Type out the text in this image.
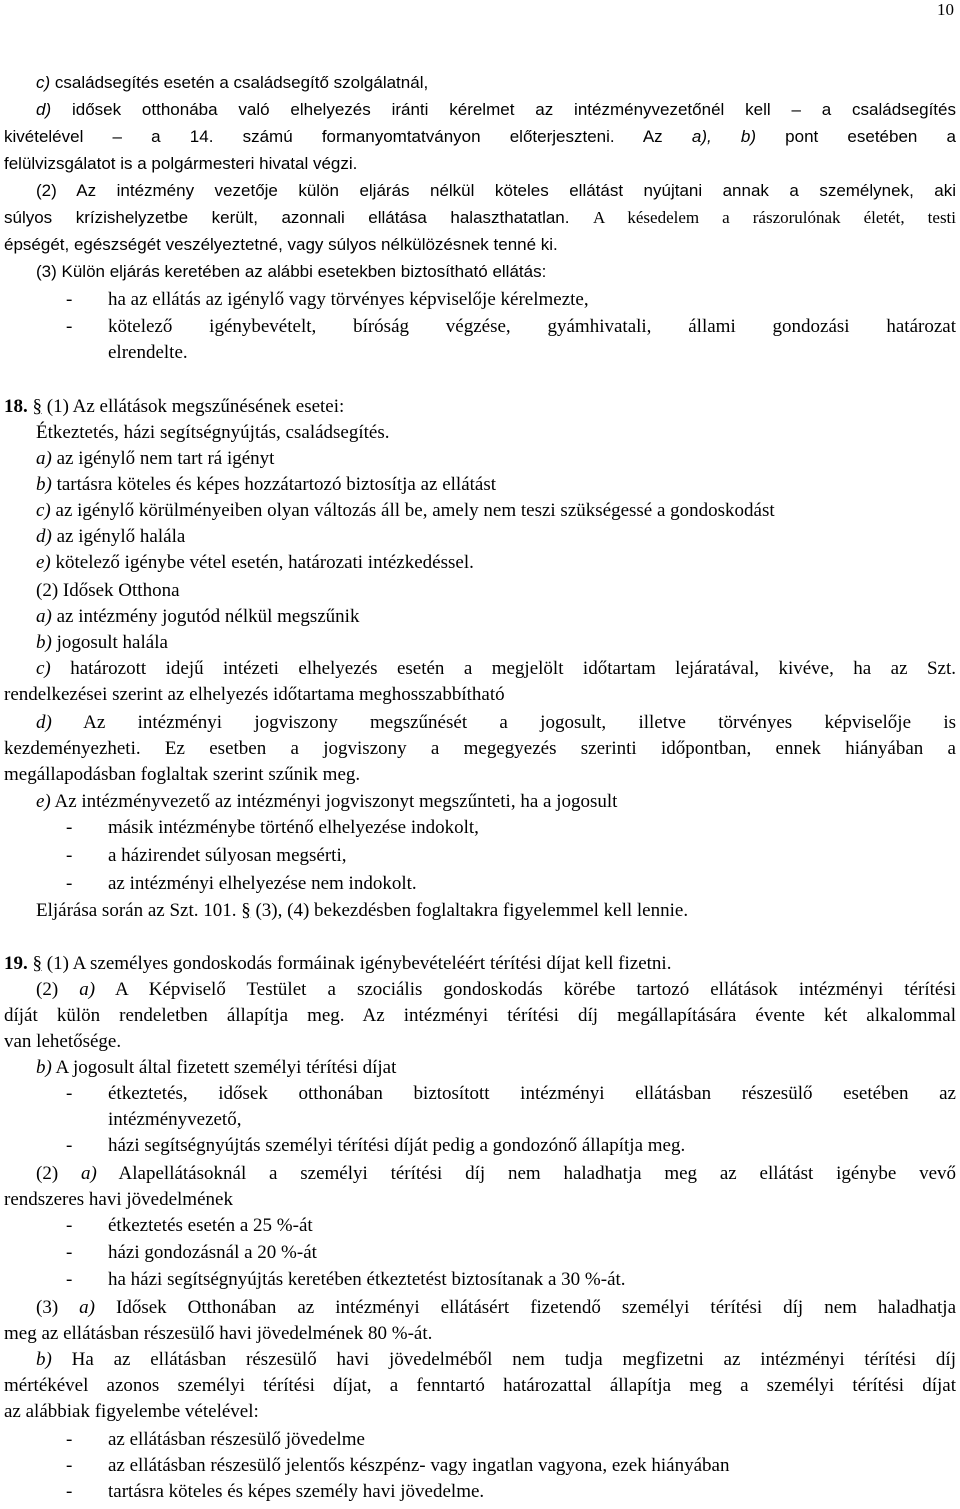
10
c) családsegítés esetén a családsegítő szolgálatnál,
d) idősek otthonába való elhelyezés iránti kérelmet az intézményvezetőnél kell – a családsegítés
kivételével – a 14. számú formanyomtatványon előterjeszteni. Az a), b) pont esetében a
felülvizsgálatot is a polgármesteri hivatal végzi.
(2) Az intézmény vezetője külön eljárás nélkül köteles ellátást nyújtani annak a személynek, aki
súlyos krízishelyzetbe került, azonnali ellátása halaszthatatlan. A késedelem a rászorulónak életét, testi
épségét, egészségét veszélyeztetné, vagy súlyos nélkülözésnek tenné ki.
(3) Külön eljárás keretében az alábbi esetekben biztosítható ellátás:
18. § (1) Az ellátások megszűnésének esetei:
Étkeztetés, házi segítségnyújtás, családsegítés.
a) az igénylő nem tart rá igényt
b) tartásra köteles és képes hozzátartozó biztosítja az ellátást
c) az igénylő körülményeiben olyan változás áll be, amely nem teszi szükségessé a gondoskodást
d) az igénylő halála
e) kötelező igénybe vétel esetén, határozati intézkedéssel.
(2) Idősek Otthona
a) az intézmény jogutód nélkül megszűnik
b) jogosult halála
c) határozott idejű intézeti elhelyezés esetén a megjelölt időtartam lejáratával, kivéve, ha az Szt.
rendelkezései szerint az elhelyezés időtartama meghosszabbítható
d) Az intézményi jogviszony megszűnését a jogosult, illetve törvényes képviselője is
kezdeményezheti. Ez esetben a jogviszony a megegyezés szerinti időpontban, ennek hiányában a
megállapodásban foglaltak szerint szűnik meg.
e) Az intézményvezető az intézményi jogviszonyt megszűnteti, ha a jogosult
Eljárása során az Szt. 101. § (3), (4) bekezdésben foglaltakra figyelemmel kell lennie.
19. § (1) A személyes gondoskodás formáinak igénybevételéért térítési díjat kell fizetni.
(2) a) A Képviselő Testület a szociális gondoskodás körébe tartozó ellátások intézményi térítési
díját külön rendeletben állapítja meg. Az intézményi térítési díj megállapítására évente két alkalommal
van lehetősége.
b) A jogosult által fizetett személyi térítési díjat
(2) a) Alapellátásoknál a személyi térítési díj nem haladhatja meg az ellátást igénybe vevő
rendszeres havi jövedelmének
(3) a) Idősek Otthonában az intézményi ellátásért fizetendő személyi térítési díj nem haladhatja
meg az ellátásban részesülő havi jövedelmének 80 %-át.
b) Ha az ellátásban részesülő havi jövedelméből nem tudja megfizetni az intézményi térítési díj
mértékével azonos személyi térítési díjat, a fenntartó határozattal állapítja meg a személyi térítési díjat
az alábbiak figyelembe vételével:
- ha az ellátás az igénylő vagy törvényes képviselője kérelmezte,
- kötelező igénybevételt, bíróság végzése, gyámhivatali, állami gondozási határozat
elrendelte.
- másik intézménybe történő elhelyezése indokolt,
- a házirendet súlyosan megsérti,
- az intézményi elhelyezése nem indokolt.
- étkeztetés, idősek otthonában biztosított intézményi ellátásban részesülő esetében az
intézményvezető,
- házi segítségnyújtás személyi térítési díját pedig a gondozónő állapítja meg.
- étkeztetés esetén a 25 %-át
- házi gondozásnál a 20 %-át
- ha házi segítségnyújtás keretében étkeztetést biztosítanak a 30 %-át.
- az ellátásban részesülő jövedelme
- az ellátásban részesülő jelentős készpénz- vagy ingatlan vagyona, ezek hiányában
- tartásra köteles és képes személy havi jövedelme.
